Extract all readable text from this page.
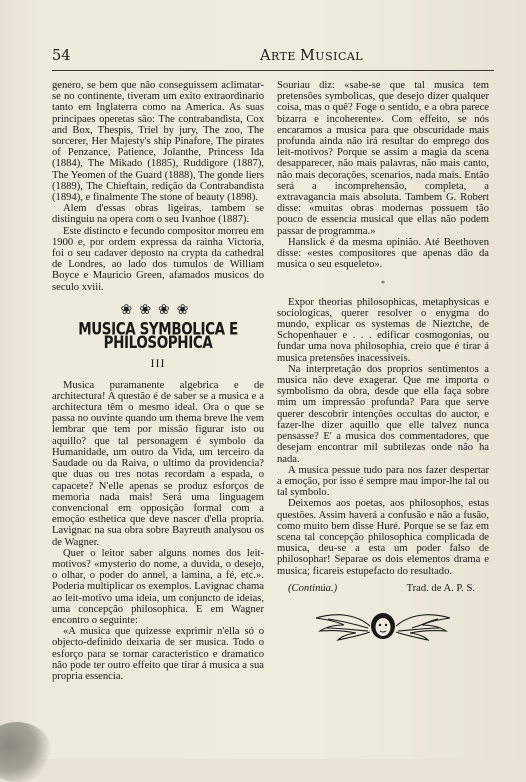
54	ARTE MUSICAL

genero, se bem que não conseguissem aclimatar-se no continente, tiveram um exito extraordinario tanto em Inglaterra como na America. As suas principaes operetas são: The contrabandista, Cox and Box, Thespis, Triel by jury, The zoo, The sorcerer, Her Majesty's ship Pinafore, The pirates of Penzance, Patience, Jolanthe, Princess Ida (1884), The Mikado (1885), Ruddigore (1887), The Yeomen of the Guard (1888), The gonde liers (1889), The Chieftain, redição da Contrabandista (1894), e finalmente The stone of beauty (1898).

Alem d'essas obras ligeiras, tambem se distinguiu na opera com o seu Ivanhoe (1887).

Este distincto e fecundo compositor morreu em 1900 e, por ordem expressa da rainha Victoria, foi o seu cadaver deposto na crypta da cathedral de Londres, ao lado dos tumulos de William Boyce e Mauricio Green, afamados musicos do seculo xviii.

❀❀❀❀
MUSICA SYMBOLICA E PHILOSOPHICA
III

Musica puramanente algebrica e de architectura! A questão é de saber se a musica e a architectura têm o mesmo ideal. Ora o que se passa no ouvinte quando um thema breve lhe vem lembrar que tem por missão figurar isto ou aquillo? que tal personagem é symbolo da Humanidade, um outro da Vida, um terceiro da Saudade ou da Raiva, o ultimo da providencia? que duas ou tres notas recordam a espada, o capacete? N'elle apenas se produz esforços de memoria nada mais! Será uma linguagem convencional em opposição formal com a emoção esthetica que deve nascer d'ella propria. Lavignac na sua obra sobre Bayreuth analysou os de Wagner.

Quer o leitor saber alguns nomes dos leit-motivos? «mysterio do nome, a duvida, o desejo, o olhar, o poder do annel, a lamina, a fé, etc.». Poderia multiplicar os exemplos. Lavignac chama ao leit-motivo uma ideia, um conjuncto de ideias, uma concepção philosophica. E em Wagner encontro o seguinte:

«A musica que quizesse exprimir n'ella só o objecto-definido deixaria de ser musica. Todo o esforço para se tornar caracteristico e dramatico não pode ter outro effeito que tirar á musica a sua propria essencia.

Souriau diz: «sabe-se que tal musica tem pretensões symbolicas, que desejo dizer qualquer coisa, mas o quê? Foge o sentido, e a obra parece bizarra e incoherente». Com effeito, se nós encaramos a musica para que obscuridade mais profunda ainda não irá resultar do emprego dos leit-motivos? Porque se assim a magia da scena desapparecer, não mais palavras, não mais canto, não mais decorações, scenarios, nada mais. Então será a incomprehensão, completa, a extravagancia mais absoluta. Tambem G. Robert disse: «muitas obras modernas possuem tão pouco de essencia musical que ellas não podem passar de programma.»

Hanslick é da mesma opinião. Até Beethoven disse: «estes compositores que apenas dão da musica o seu esqueleto».

*

Expor theorias philosophicas, metaphysicas e sociologicas, querer resolver o enygma do mundo, explicar os systemas de Nieztche, de Schopenhauer e . . . edificar cosmogonias, ou fundar uma nova philosophia, creio que é tirar á musica pretensões inacessiveis.

Na interpretação dos proprios sentimentos a musica não deve exagerar. Que me importa o symbolismo da obra, desde que ella faça sobre mim um impressão profunda? Para que serve querer descobrir intenções occultas do auctor, e fazer-lhe dizer aquillo que elle talvez nunca pensasse? E' a musica dos commentadores, que desejam encontrar mil subtilezas onde não ha nada.

A musica pessue tudo para nos fazer despertar a emoção, por isso é sempre mau impor-lhe tal ou tal symbolo.

Deixemos aos poetas, aos philosophos, estas questões. Assim haverá a confusão e não a fusão, como muito bem disse Huré. Porque se se faz em scena tal concepção philosophica complicada de musica, deu-se a esta um poder falso de philosophar! Separae os dois elementos drama e musica; ficareis estupefacto do resultado.

(Continúa.)	Trad. de A. P. S.
